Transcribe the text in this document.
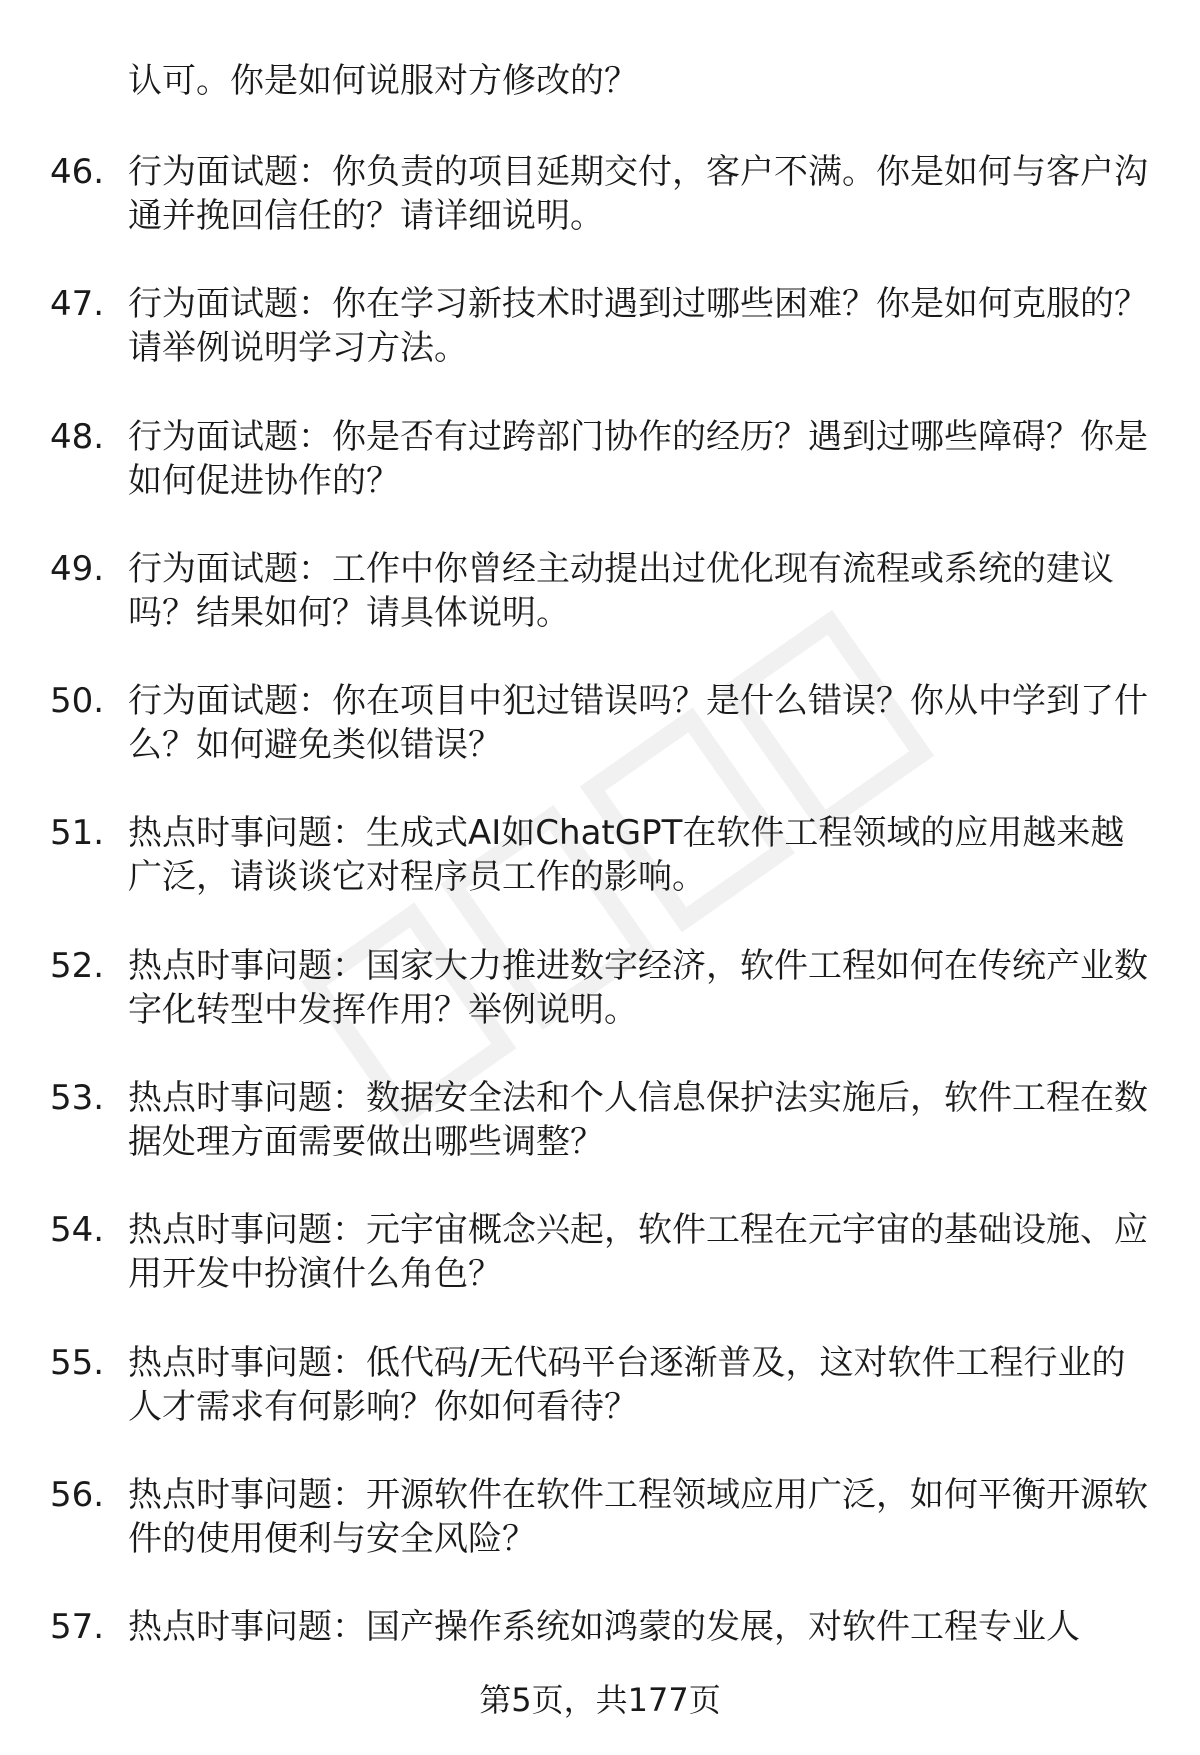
认可。你是如何说服对方修改的？

46. 行为面试题：你负责的项目延期交付，客户不满。你是如何与客户沟通并挽回信任的？请详细说明。
47. 行为面试题：你在学习新技术时遇到过哪些困难？你是如何克服的？请举例说明学习方法。
48. 行为面试题：你是否有过跨部门协作的经历？遇到过哪些障碍？你是如何促进协作的？
49. 行为面试题：工作中你曾经主动提出过优化现有流程或系统的建议吗？结果如何？请具体说明。
50. 行为面试题：你在项目中犯过错误吗？是什么错误？你从中学到了什么？如何避免类似错误？
51. 热点时事问题：生成式AI如ChatGPT在软件工程领域的应用越来越广泛，请谈谈它对程序员工作的影响。
52. 热点时事问题：国家大力推进数字经济，软件工程如何在传统产业数字化转型中发挥作用？举例说明。
53. 热点时事问题：数据安全法和个人信息保护法实施后，软件工程在数据处理方面需要做出哪些调整？
54. 热点时事问题：元宇宙概念兴起，软件工程在元宇宙的基础设施、应用开发中扮演什么角色？
55. 热点时事问题：低代码/无代码平台逐渐普及，这对软件工程行业的人才需求有何影响？你如何看待？
56. 热点时事问题：开源软件在软件工程领域应用广泛，如何平衡开源软件的使用便利与安全风险？
57. 热点时事问题：国产操作系统如鸿蒙的发展，对软件工程专业人
第5页，共177页
